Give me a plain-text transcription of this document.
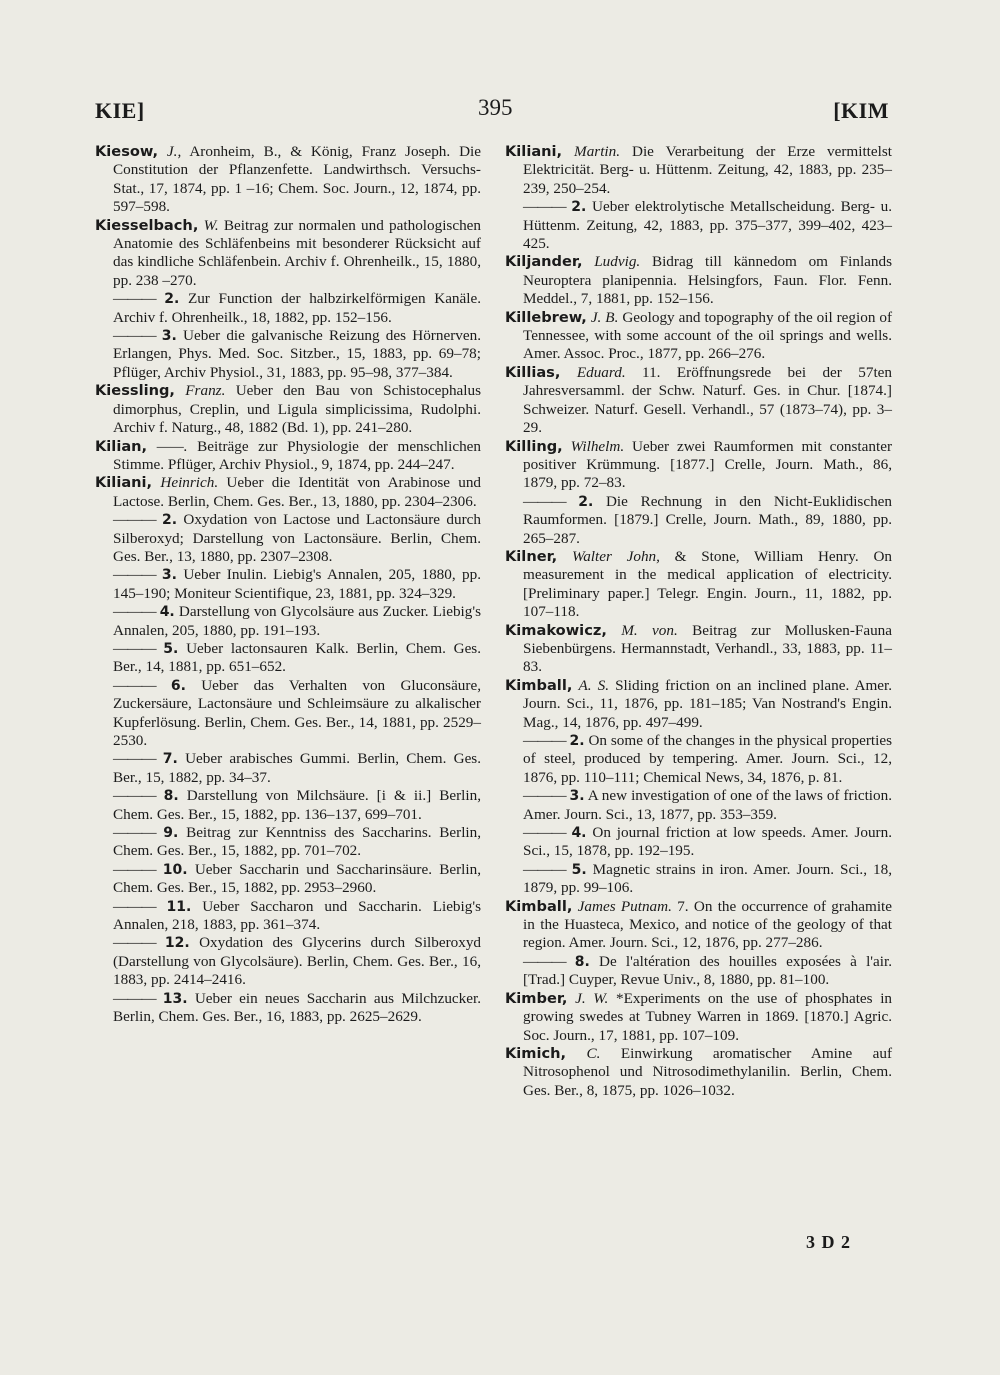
KIE]	395	[KIM

Kiesow, J., Aronheim, B., & König, Franz Joseph. Die Constitution der Pflanzenfette. Landwirthsch. Versuchs-Stat., 17, 1874, pp. 1 –16; Chem. Soc. Journ., 12, 1874, pp. 597–598.

Kiesselbach, W. Beitrag zur normalen und pathologischen Anatomie des Schläfenbeins mit besonderer Rücksicht auf das kindliche Schläfenbein. Archiv f. Ohrenheilk., 15, 1880, pp. 238 –270.

——— 2. Zur Function der halbzirkelförmigen Kanäle. Archiv f. Ohrenheilk., 18, 1882, pp. 152–156.

——— 3. Ueber die galvanische Reizung des Hörnerven. Erlangen, Phys. Med. Soc. Sitzber., 15, 1883, pp. 69–78; Pflüger, Archiv Physiol., 31, 1883, pp. 95–98, 377–384.

Kiessling, Franz. Ueber den Bau von Schistocephalus dimorphus, Creplin, und Ligula simplicissima, Rudolphi. Archiv f. Naturg., 48, 1882 (Bd. 1), pp. 241–280.

Kilian, ——. Beiträge zur Physiologie der menschlichen Stimme. Pflüger, Archiv Physiol., 9, 1874, pp. 244–247.

Kiliani, Heinrich. Ueber die Identität von Arabinose und Lactose. Berlin, Chem. Ges. Ber., 13, 1880, pp. 2304–2306.

——— 2. Oxydation von Lactose und Lactonsäure durch Silberoxyd; Darstellung von Lactonsäure. Berlin, Chem. Ges. Ber., 13, 1880, pp. 2307–2308.

——— 3. Ueber Inulin. Liebig's Annalen, 205, 1880, pp. 145–190; Moniteur Scientifique, 23, 1881, pp. 324–329.

——— 4. Darstellung von Glycolsäure aus Zucker. Liebig's Annalen, 205, 1880, pp. 191–193.

——— 5. Ueber lactonsauren Kalk. Berlin, Chem. Ges. Ber., 14, 1881, pp. 651–652.

——— 6. Ueber das Verhalten von Gluconsäure, Zuckersäure, Lactonsäure und Schleimsäure zu alkalischer Kupferlösung. Berlin, Chem. Ges. Ber., 14, 1881, pp. 2529–2530.

——— 7. Ueber arabisches Gummi. Berlin, Chem. Ges. Ber., 15, 1882, pp. 34–37.

——— 8. Darstellung von Milchsäure. [i & ii.] Berlin, Chem. Ges. Ber., 15, 1882, pp. 136–137, 699–701.

——— 9. Beitrag zur Kenntniss des Saccharins. Berlin, Chem. Ges. Ber., 15, 1882, pp. 701–702.

——— 10. Ueber Saccharin und Saccharinsäure. Berlin, Chem. Ges. Ber., 15, 1882, pp. 2953–2960.

——— 11. Ueber Saccharon und Saccharin. Liebig's Annalen, 218, 1883, pp. 361–374.

——— 12. Oxydation des Glycerins durch Silberoxyd (Darstellung von Glycolsäure). Berlin, Chem. Ges. Ber., 16, 1883, pp. 2414–2416.

——— 13. Ueber ein neues Saccharin aus Milchzucker. Berlin, Chem. Ges. Ber., 16, 1883, pp. 2625–2629.

Kiliani, Martin. Die Verarbeitung der Erze vermittelst Elektricität. Berg- u. Hüttenm. Zeitung, 42, 1883, pp. 235–239, 250–254.

——— 2. Ueber elektrolytische Metallscheidung. Berg- u. Hüttenm. Zeitung, 42, 1883, pp. 375–377, 399–402, 423–425.

Kiljander, Ludvig. Bidrag till kännedom om Finlands Neuroptera planipennia. Helsingfors, Faun. Flor. Fenn. Meddel., 7, 1881, pp. 152–156.

Killebrew, J. B. Geology and topography of the oil region of Tennessee, with some account of the oil springs and wells. Amer. Assoc. Proc., 1877, pp. 266–276.

Killias, Eduard. 11. Eröffnungsrede bei der 57ten Jahresversamml. der Schw. Naturf. Ges. in Chur. [1874.] Schweizer. Naturf. Gesell. Verhandl., 57 (1873–74), pp. 3–29.

Killing, Wilhelm. Ueber zwei Raumformen mit constanter positiver Krümmung. [1877.] Crelle, Journ. Math., 86, 1879, pp. 72–83.

——— 2. Die Rechnung in den Nicht-Euklidischen Raumformen. [1879.] Crelle, Journ. Math., 89, 1880, pp. 265–287.

Kilner, Walter John, & Stone, William Henry. On measurement in the medical application of electricity. [Preliminary paper.] Telegr. Engin. Journ., 11, 1882, pp. 107–118.

Kimakowicz, M. von. Beitrag zur Mollusken-Fauna Siebenbürgens. Hermannstadt, Verhandl., 33, 1883, pp. 11–83.

Kimball, A. S. Sliding friction on an inclined plane. Amer. Journ. Sci., 11, 1876, pp. 181–185; Van Nostrand's Engin. Mag., 14, 1876, pp. 497–499.

——— 2. On some of the changes in the physical properties of steel, produced by tempering. Amer. Journ. Sci., 12, 1876, pp. 110–111; Chemical News, 34, 1876, p. 81.

——— 3. A new investigation of one of the laws of friction. Amer. Journ. Sci., 13, 1877, pp. 353–359.

——— 4. On journal friction at low speeds. Amer. Journ. Sci., 15, 1878, pp. 192–195.

——— 5. Magnetic strains in iron. Amer. Journ. Sci., 18, 1879, pp. 99–106.

Kimball, James Putnam. 7. On the occurrence of grahamite in the Huasteca, Mexico, and notice of the geology of that region. Amer. Journ. Sci., 12, 1876, pp. 277–286.

——— 8. De l'altération des houilles exposées à l'air. [Trad.] Cuyper, Revue Univ., 8, 1880, pp. 81–100.

Kimber, J. W. *Experiments on the use of phosphates in growing swedes at Tubney Warren in 1869. [1870.] Agric. Soc. Journ., 17, 1881, pp. 107–109.

Kimich, C. Einwirkung aromatischer Amine auf Nitrosophenol und Nitrosodimethylanilin. Berlin, Chem. Ges. Ber., 8, 1875, pp. 1026–1032.

3 D 2
